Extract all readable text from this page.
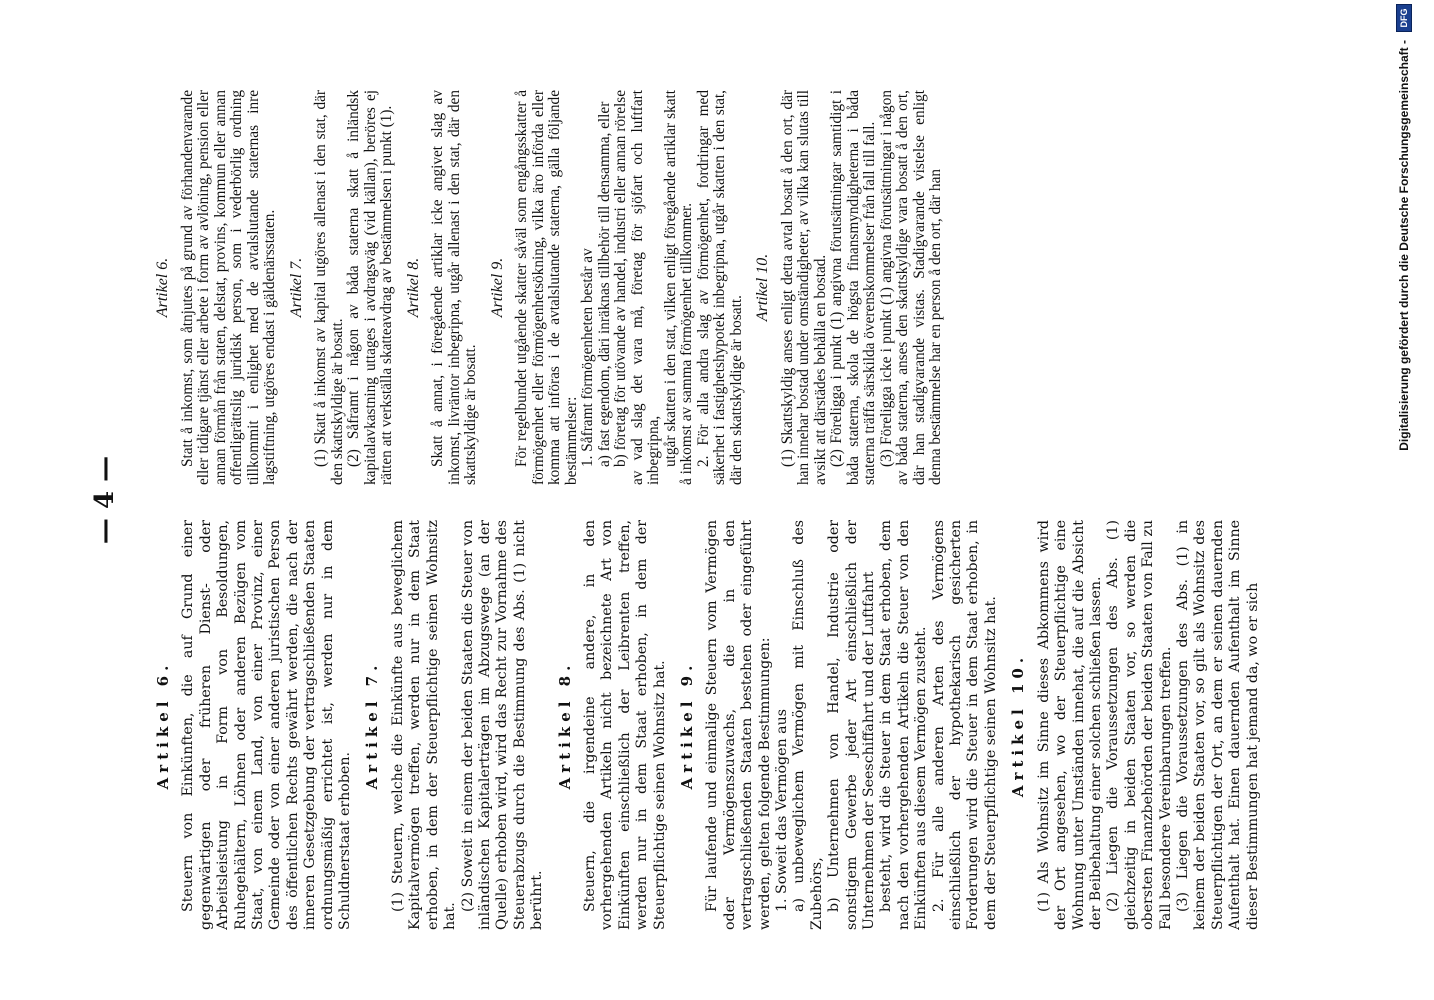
— 4 —
Artikel 6. Steuern von Einkünften, die auf Grund einer gegenwärtigen oder früheren Dienst- oder Arbeitsleistung in Form von Besoldungen, Ruhegehältern, Löhnen oder anderen Bezügen vom Staat, von einem Land, von einer Provinz, einer Gemeinde oder von einer anderen juristischen Person des öffentlichen Rechts gewährt werden, die nach der inneren Gesetzgebung der vertragschließenden Staaten ordnungsmäßig errichtet ist, werden nur in dem Schuldnerstaat erhoben.

Artikel 7. (1) Steuern, welche die Einkünfte aus beweglichem Kapitalvermögen treffen, werden nur in dem Staat erhoben, in dem der Steuerpflichtige seinen Wohnsitz hat.

(2) Soweit in einem der beiden Staaten die Steuer von inländischen Kapitalerträgen im Abzugswege (an der Quelle) erhoben wird, wird das Recht zur Vornahme des Steuerabzugs durch die Bestimmung des Abs. (1) nicht berührt.

Artikel 8. Steuern, die irgendeine andere, in den vorhergehenden Artikeln nicht bezeichnete Art von Einkünften einschließlich der Leibrenten treffen, werden nur in dem Staat erhoben, in dem der Steuerpflichtige seinen Wohnsitz hat. Artikel 9. Für laufende und einmalige Steuern vom Vermögen oder Vermögenszuwachs, die in den vertragschließenden Staaten bestehen oder eingeführt werden, gelten folgende Bestimmungen: 1. Soweit das Vermögen aus a) unbeweglichem Vermögen mit Einschluß des Zubehörs, b) Unternehmen von Handel, Industrie oder sonstigem Gewerbe jeder Art einschließlich der Unternehmen der Seeschiffahrt und der Luftfahrt besteht, wird die Steuer in dem Staat erhoben, dem nach den vorhergehenden Artikeln die Steuer von den Einkünften aus diesem Vermögen zusteht. 2. Für alle anderen Arten des Vermögens einschließlich der hypothekarisch gesicherten Forderungen wird die Steuer in dem Staat erhoben, in dem der Steuerpflichtige seinen Wohnsitz hat. Artikel 10. (1) Als Wohnsitz im Sinne dieses Abkommens wird der Ort angesehen, wo der Steuerpflichtige eine Wohnung unter Umständen innehat, die auf die Absicht der Beibehaltung einer solchen schließen lassen. (2) Liegen die Voraussetzungen des Abs. (1) gleichzeitig in beiden Staaten vor, so werden die obersten Finanzbehörden der beiden Staaten von Fall zu Fall besondere Vereinbarungen treffen. (3) Liegen die Voraussetzungen des Abs. (1) in keinem der beiden Staaten vor, so gilt als Wohnsitz des Steuerpflichtigen der Ort, an dem er seinen dauernden Aufenthalt hat. Einen dauernden Aufenthalt im Sinne dieser Bestimmungen hat jemand da, wo er sich

Artikel 6. Statt å inkomst, som åtnjutes på grund av förhandenvarande eller tidigare tjänst eller arbete i form av avlöning, pension eller annan förmån från staten, delstat, provins, kommun eller annan offentligrättslig juridisk person, som i vederbörlig ordning tillkommit i enlighet med de avtalslutande staternas inre lagstiftning, utgöres endast i gäldenärsstaten. Artikel 7. (1) Skatt å inkomst av kapital utgöres allenast i den stat, där den skattskyldige är bosatt. (2) Såframt i någon av båda staterna skatt å inländsk kapitalavkastning uttages i avdragsväg (vid källan), beröres ej rätten att verkställa skatteavdrag av bestämmelsen i punkt (1). Artikel 8. Skatt å annat, i föregående artiklar icke angivet slag av inkomst, livräntor inbegripna, utgår allenast i den stat, där den skattskyldige är bosatt.

Artikel 9. För regelbundet utgående skatter såväl som engångsskatter å förmögenhet eller förmögenhetsökning, vilka äro införda eller komma att införas i de avtalslutande staterna, gälla följande bestämmelser: 1. Såframt förmögenheten består av a) fast egendom, däri inräknas tillbehör till densamma, eller b) företag för utövande av handel, industri eller annan rörelse av vad slag det vara må, företag för sjöfart och luftfart inbegripna, utgår skatten i den stat, vilken enligt föregående artiklar skatt å inkomst av samma förmögenhet tillkommer. 2. För alla andra slag av förmögenhet, fordringar med säkerhet i fastighetshypotek inbegripna, utgår skatten i den stat, där den skattskyldige är bosatt.

Artikel 10. (1) Skattskyldig anses enligt detta avtal bosatt å den ort, där han innehar bostad under omständigheter, av vilka kan slutas till avsikt att därstädes behålla en bostad. (2) Föreligga i punkt (1) angivna förutsättningar samtidigt i båda staterna, skola de högsta finansmyndigheterna i båda staterna träffa särskilda överenskommelser från fall till fall. (3) Föreligga icke i punkt (1) angivna förutsättningar i någon av båda staterna, anses den skattskyldige vara bosatt å den ort, där han stadigvarande vistas. Stadigvarande vistelse enligt denna bestämmelse har en person å den ort, där han	Digitalisierung gefördert durch die Deutsche Forschungsgemeinschaft -
DFG
